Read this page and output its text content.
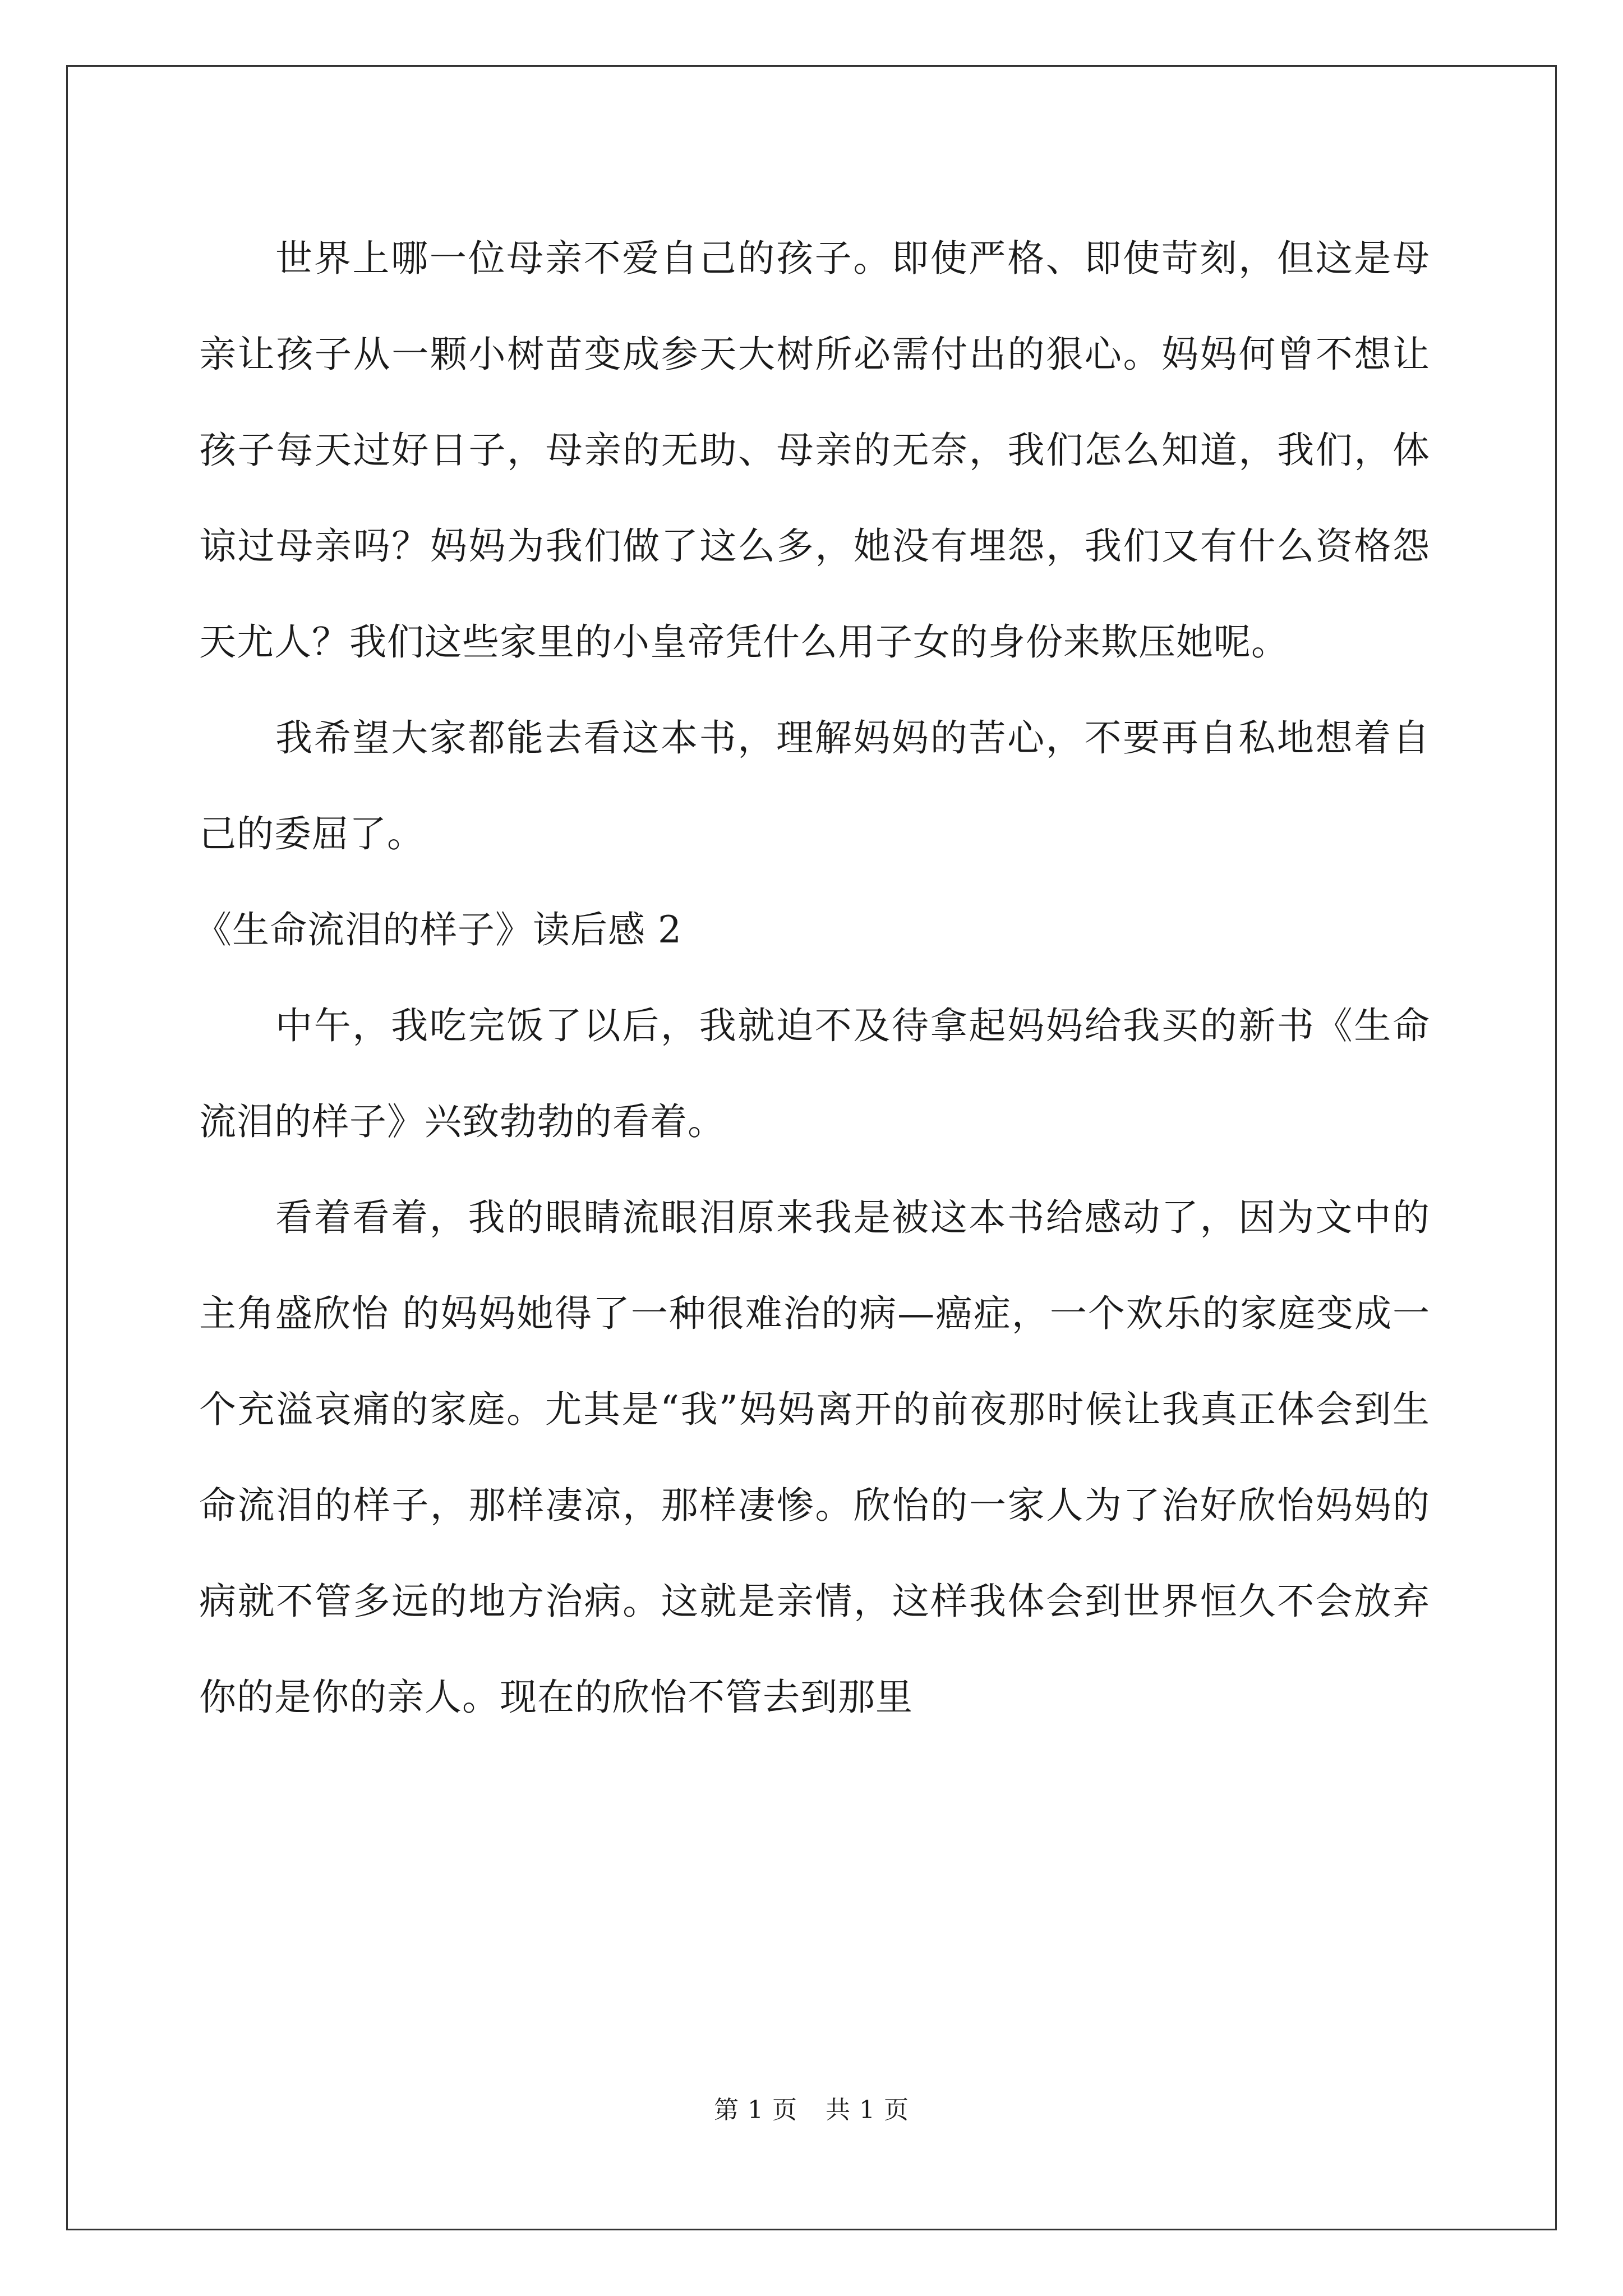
世界上哪一位母亲不爱自己的孩子。即使严格、即使苛刻，但这是母亲让孩子从一颗小树苗变成参天大树所必需付出的狠心。妈妈何曾不想让孩子每天过好日子，母亲的无助、母亲的无奈，我们怎么知道，我们，体谅过母亲吗？妈妈为我们做了这么多，她没有埋怨，我们又有什么资格怨天尤人？我们这些家里的小皇帝凭什么用子女的身份来欺压她呢。

我希望大家都能去看这本书，理解妈妈的苦心，不要再自私地想着自己的委屈了。

《生命流泪的样子》读后感 2

中午，我吃完饭了以后，我就迫不及待拿起妈妈给我买的新书《生命流泪的样子》兴致勃勃的看着。

看着看着，我的眼睛流眼泪原来我是被这本书给感动了，因为文中的主角盛欣怡 的妈妈她得了一种很难治的病—癌症，一个欢乐的家庭变成一个充溢哀痛的家庭。尤其是“我”妈妈离开的前夜那时候让我真正体会到生命流泪的样子，那样凄凉，那样凄惨。欣怡的一家人为了治好欣怡妈妈的病就不管多远的地方治病。这就是亲情，这样我体会到世界恒久不会放弃你的是你的亲人。现在的欣怡不管去到那里

第 1 页 共 1 页
